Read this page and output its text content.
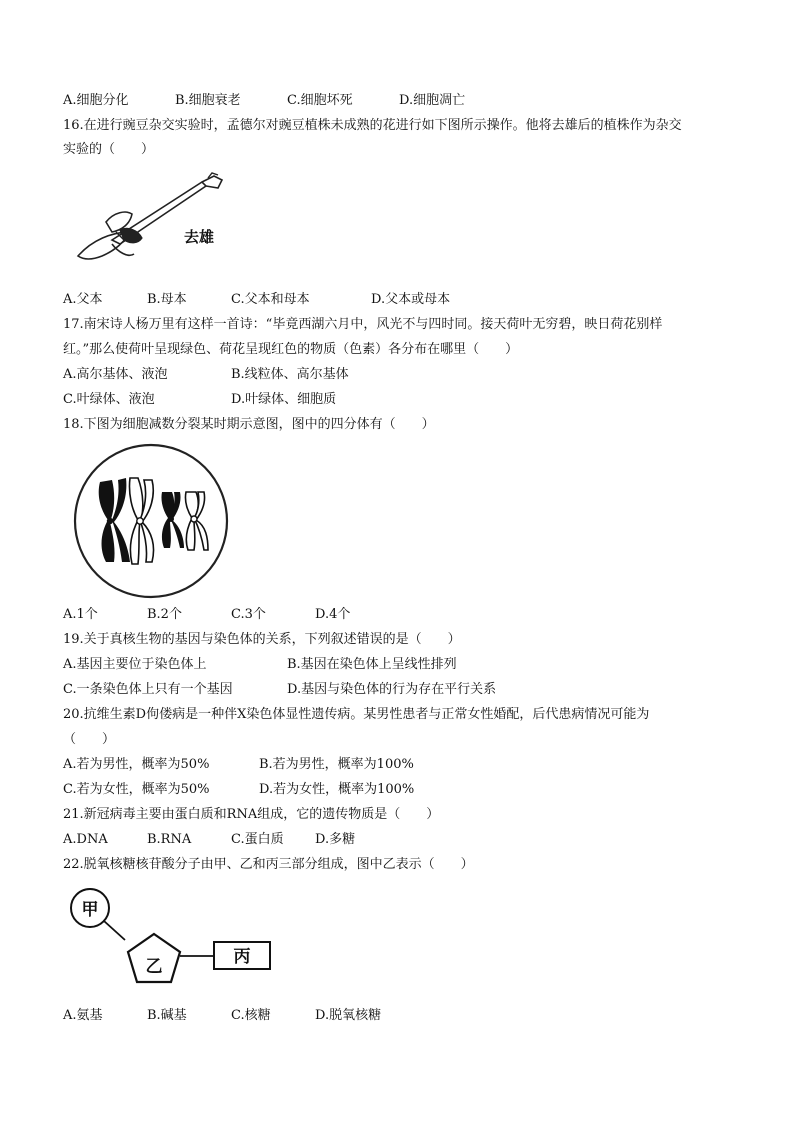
A.细胞分化	B.细胞衰老	C.细胞坏死	D.细胞凋亡
16.在进行豌豆杂交实验时，孟德尔对豌豆植株未成熟的花进行如下图所示操作。他将去雄后的植株作为杂交
实验的（　　）
去雄
A.父本	B.母本	C.父本和母本	D.父本或母本
17.南宋诗人杨万里有这样一首诗：“毕竟西湖六月中，风光不与四时同。接天荷叶无穷碧，映日荷花别样
红。”那么使荷叶呈现绿色、荷花呈现红色的物质（色素）各分布在哪里（　　）
A.高尔基体、液泡	B.线粒体、高尔基体
C.叶绿体、液泡	D.叶绿体、细胞质
18.下图为细胞减数分裂某时期示意图，图中的四分体有（　　）
A.1个	B.2个	C.3个	D.4个
19.关于真核生物的基因与染色体的关系，下列叙述错误的是（　　）
A.基因主要位于染色体上	B.基因在染色体上呈线性排列
C.一条染色体上只有一个基因	D.基因与染色体的行为存在平行关系
20.抗维生素D佝偻病是一种伴X染色体显性遗传病。某男性患者与正常女性婚配，后代患病情况可能为
（　　）
A.若为男性，概率为50%	B.若为男性，概率为100%
C.若为女性，概率为50%	D.若为女性，概率为100%
21.新冠病毒主要由蛋白质和RNA组成，它的遗传物质是（　　）
A.DNA	B.RNA	C.蛋白质 D.多糖
22.脱氧核糖核苷酸分子由甲、乙和丙三部分组成，图中乙表示（　　）
甲
乙	丙
A.氨基	B.碱基	C.核糖	D.脱氧核糖
